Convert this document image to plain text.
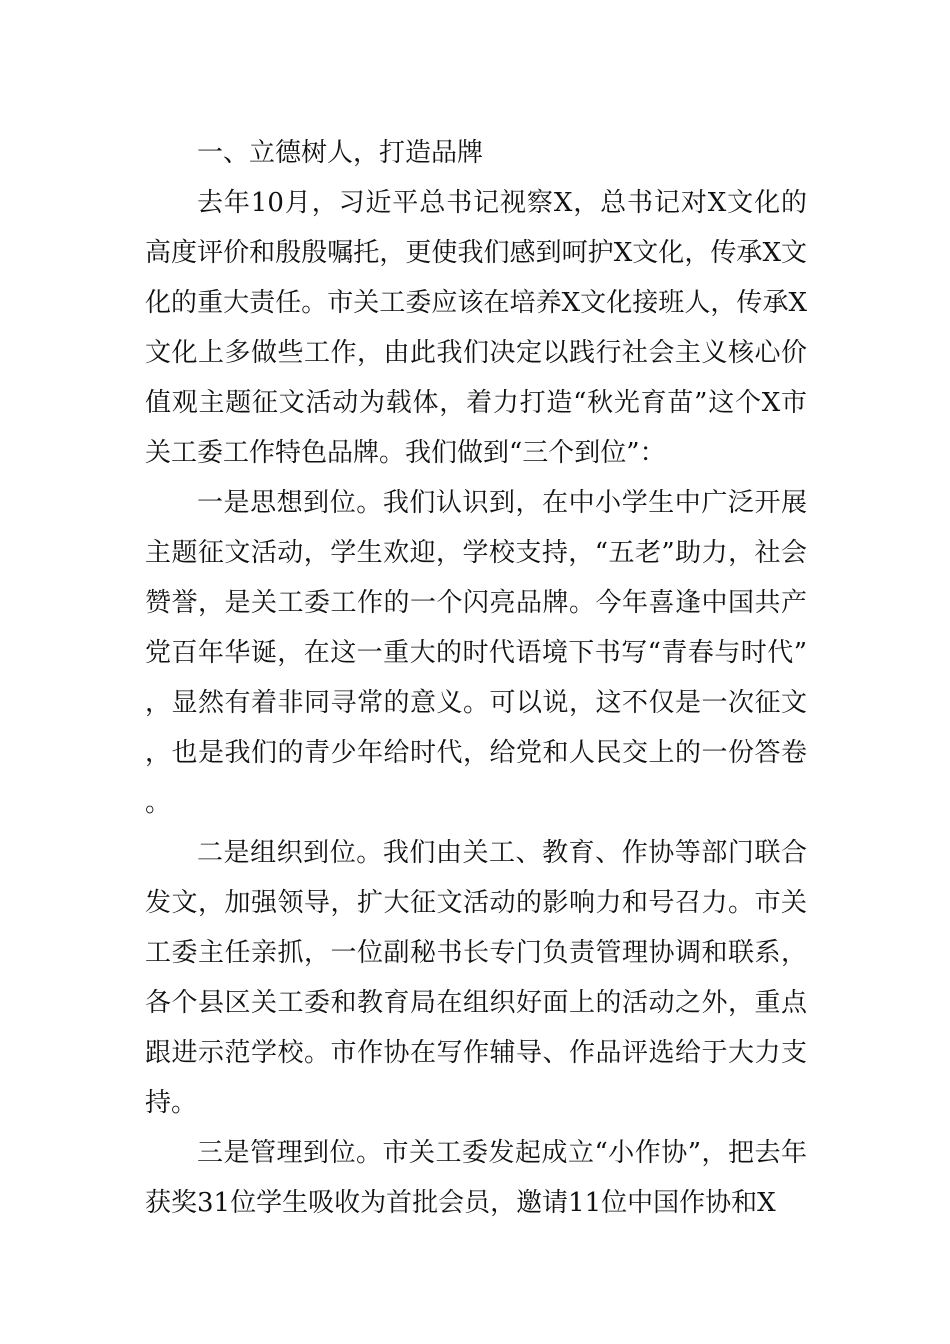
一、立德树人，打造品牌

去年10月，习近平总书记视察X，总书记对X文化的高度评价和殷殷嘱托，更使我们感到呵护X文化，传承X文化的重大责任。市关工委应该在培养X文化接班人，传承X文化上多做些工作，由此我们决定以践行社会主义核心价值观主题征文活动为载体，着力打造“秋光育苗”这个X市关工委工作特色品牌。我们做到“三个到位”：

一是思想到位。我们认识到，在中小学生中广泛开展主题征文活动，学生欢迎，学校支持，“五老”助力，社会赞誉，是关工委工作的一个闪亮品牌。今年喜逢中国共产党百年华诞，在这一重大的时代语境下书写“青春与时代”，显然有着非同寻常的意义。可以说，这不仅是一次征文，也是我们的青少年给时代，给党和人民交上的一份答卷。

二是组织到位。我们由关工、教育、作协等部门联合发文，加强领导，扩大征文活动的影响力和号召力。市关工委主任亲抓，一位副秘书长专门负责管理协调和联系，各个县区关工委和教育局在组织好面上的活动之外，重点跟进示范学校。市作协在写作辅导、作品评选给于大力支持。

三是管理到位。市关工委发起成立“小作协”，把去年获奖31位学生吸收为首批会员，邀请11位中国作协和X
